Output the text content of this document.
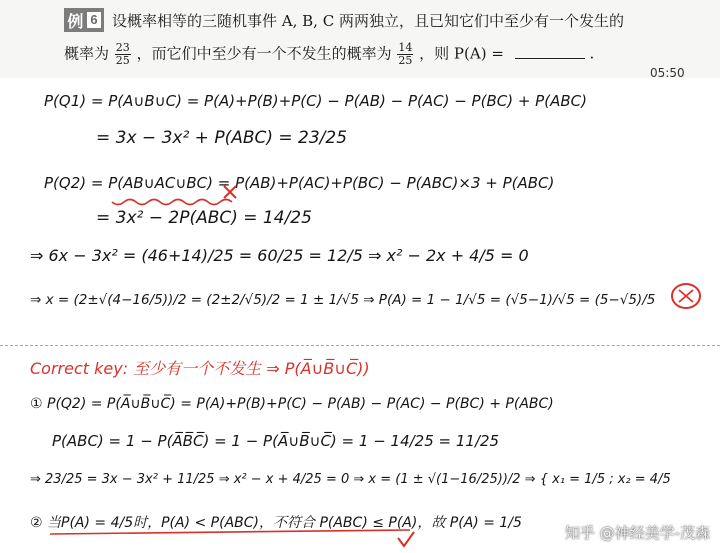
例 6 设概率相等的三随机事件 A, B, C 两两独立，且已知它们中至少有一个发生的
概率为 $\frac{23}{25}$ ，而它们中至少有一个不发生的概率为 $\frac{14}{25}$ ，则 P(A) =	.
05:50
P(Q1) = P(A∪B∪C) = P(A)+P(B)+P(C) − P(AB) − P(AC) − P(BC) + P(ABC)
= 3x − 3x² + P(ABC) = 23/25
P(Q2) = P(AB∪AC∪BC) = P(AB)+P(AC)+P(BC) − P(ABC)×3 + P(ABC)
= 3x² − 2P(ABC) = 14/25
⇒ 6x − 3x² = (46+14)/25 = 60/25 = 12/5 ⇒ x² − 2x + 4/5 = 0
⇒ x = (2±√(4−16/5))/2 = (2±2/√5)/2 = 1 ± 1/√5 ⇒ P(A) = 1 − 1/√5 = (√5−1)/√5 = (5−√5)/5
Correct key: 至少有一个不发生 ⇒ P(A̅∪B̅∪C̅))
① P(Q2) = P(A̅∪B̅∪C̅) = P(A)+P(B)+P(C) − P(AB) − P(AC) − P(BC) + P(ABC)
P(ABC) = 1 − P(A̅B̅C̅) = 1 − P(A̅∪B̅∪C̅) = 1 − 14/25 = 11/25
⇒ 23/25 = 3x − 3x² + 11/25 ⇒ x² − x + 4/25 = 0 ⇒ x = (1 ± √(1−16/25))/2 ⇒ { x₁ = 1/5 ; x₂ = 4/5
② 当P(A) = 4/5时，P(A) < P(ABC)，不符合 P(ABC) ≤ P(A)，故 P(A) = 1/5
知乎 @神经美学-茂森
